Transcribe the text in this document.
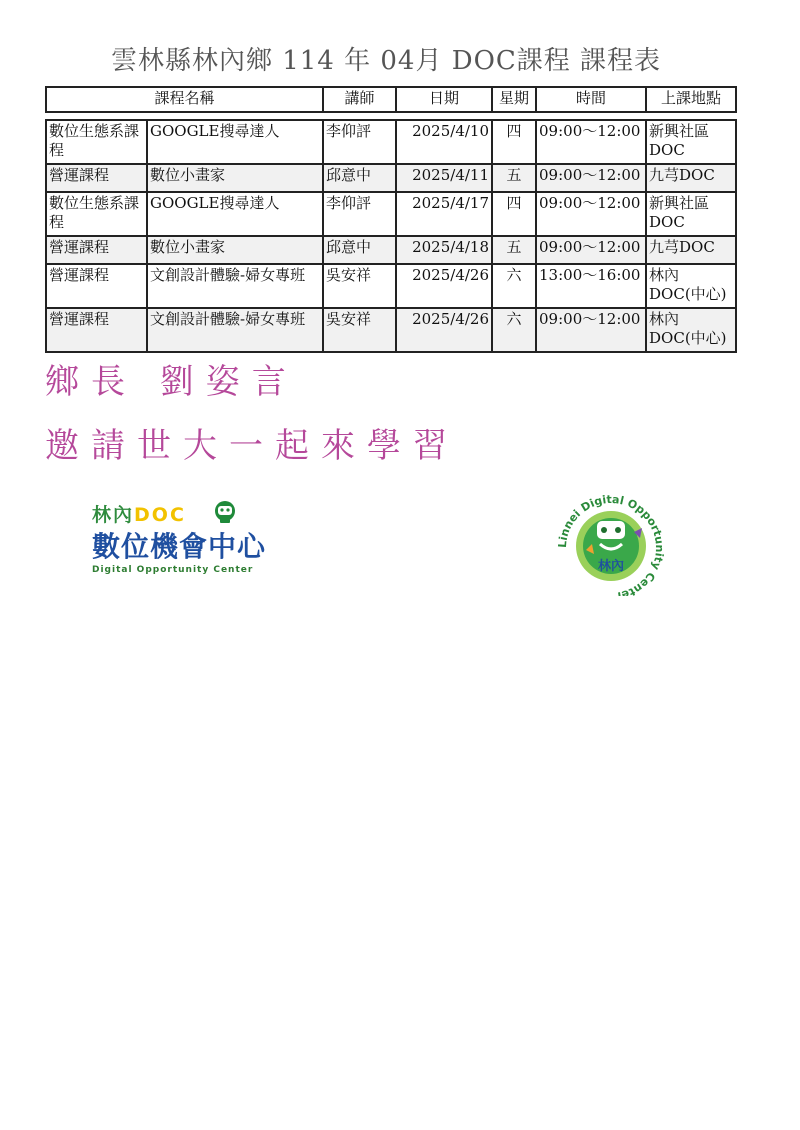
雲林縣林內鄉 114 年 04月 DOC課程 課程表
課程名稱		講師	日期	星期	時間	上課地點

數位生態系課程	GOOGLE搜尋達人	李仰評	2025/4/10	四	09:00～12:00	新興社區DOC
營運課程	數位小畫家	邱意中	2025/4/11	五	09:00～12:00	九芎DOC
數位生態系課程	GOOGLE搜尋達人	李仰評	2025/4/17	四	09:00～12:00	新興社區DOC
營運課程	數位小畫家	邱意中	2025/4/18	五	09:00～12:00	九芎DOC
營運課程	文創設計體驗-婦女專班	吳安祥	2025/4/26	六	13:00～16:00	林內DOC(中心)
營運課程	文創設計體驗-婦女專班	吳安祥	2025/4/26	六	09:00～12:00	林內DOC(中心)
鄉長 劉姿言
邀請世大一起來學習
林內DOC
數位機會中心
Digital Opportunity Center
Linnei Digital Opportunity Center
林內
